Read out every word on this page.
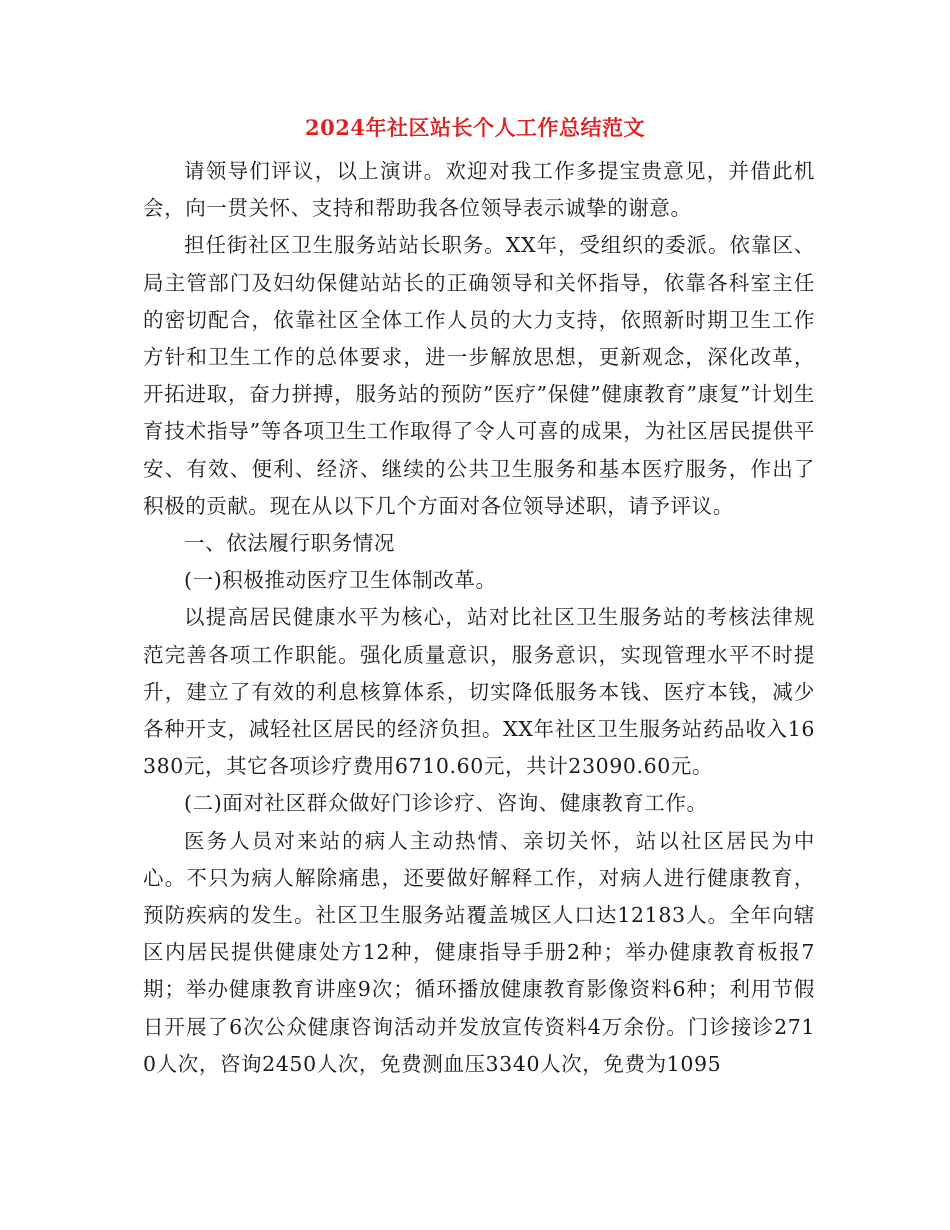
2024年社区站长个人工作总结范文

请领导们评议，以上演讲。欢迎对我工作多提宝贵意见，并借此机会，向一贯关怀、支持和帮助我各位领导表示诚挚的谢意。

担任街社区卫生服务站站长职务。XX年，受组织的委派。依靠区、局主管部门及妇幼保健站站长的正确领导和关怀指导，依靠各科室主任的密切配合，依靠社区全体工作人员的大力支持，依照新时期卫生工作方针和卫生工作的总体要求，进一步解放思想，更新观念，深化改革，开拓进取，奋力拼搏，服务站的预防”医疗”保健”健康教育”康复”计划生育技术指导”等各项卫生工作取得了令人可喜的成果，为社区居民提供平安、有效、便利、经济、继续的公共卫生服务和基本医疗服务，作出了积极的贡献。现在从以下几个方面对各位领导述职，请予评议。

一、依法履行职务情况

(一)积极推动医疗卫生体制改革。

以提高居民健康水平为核心，站对比社区卫生服务站的考核法律规范完善各项工作职能。强化质量意识，服务意识，实现管理水平不时提升，建立了有效的利息核算体系，切实降低服务本钱、医疗本钱，减少各种开支，减轻社区居民的经济负担。XX年社区卫生服务站药品收入16380元，其它各项诊疗费用6710.60元，共计23090.60元。

(二)面对社区群众做好门诊诊疗、咨询、健康教育工作。

医务人员对来站的病人主动热情、亲切关怀，站以社区居民为中心。不只为病人解除痛患，还要做好解释工作，对病人进行健康教育，预防疾病的发生。社区卫生服务站覆盖城区人口达12183人。全年向辖区内居民提供健康处方12种，健康指导手册2种；举办健康教育板报7期；举办健康教育讲座9次；循环播放健康教育影像资料6种；利用节假日开展了6次公众健康咨询活动并发放宣传资料4万余份。门诊接诊2710人次，咨询2450人次，免费测血压3340人次，免费为1095
